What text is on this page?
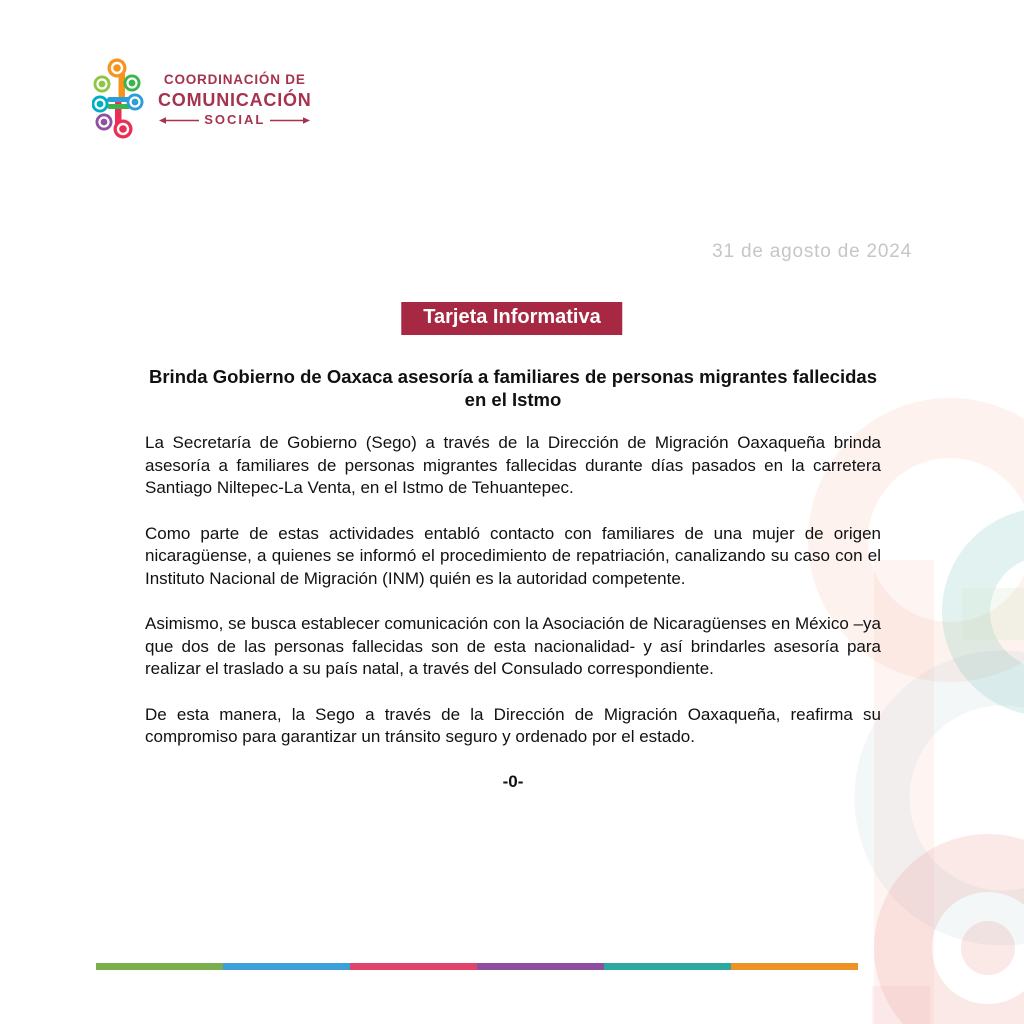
COORDINACIÓN DE
COMUNICACIÓN
SOCIAL
31 de agosto de 2024
Tarjeta Informativa
Brinda Gobierno de Oaxaca asesoría a familiares de personas migrantes fallecidas en el Istmo

La Secretaría de Gobierno (Sego) a través de la Dirección de Migración Oaxaqueña brinda asesoría a familiares de personas migrantes fallecidas durante días pasados en la carretera Santiago Niltepec-La Venta, en el Istmo de Tehuantepec.

Como parte de estas actividades entabló contacto con familiares de una mujer de origen nicaragüense, a quienes se informó el procedimiento de repatriación, canalizando su caso con el Instituto Nacional de Migración (INM) quién es la autoridad competente.

Asimismo, se busca establecer comunicación con la Asociación de Nicaragüenses en México –ya que dos de las personas fallecidas son de esta nacionalidad- y así brindarles asesoría para realizar el traslado a su país natal, a través del Consulado correspondiente.

De esta manera, la Sego a través de la Dirección de Migración Oaxaqueña, reafirma su compromiso para garantizar un tránsito seguro y ordenado por el estado.

-0-
